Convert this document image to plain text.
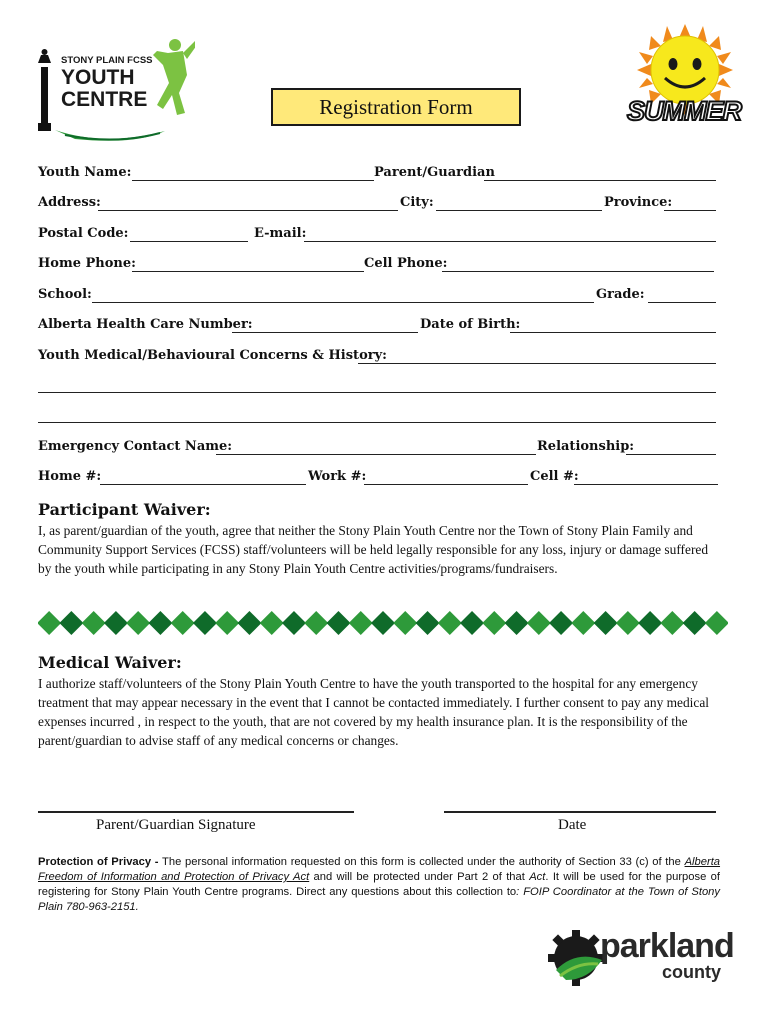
STONY PLAIN FCSS
YOUTH
CENTRE	Registration Form	SUMMER
Youth Name:	Parent/Guardian
Address:	City:	Province:
Postal Code:	E-mail:
Home Phone:	Cell Phone:
School:	Grade:
Alberta Health Care Number:	Date of Birth:
Youth Medical/Behavioural Concerns & History:
Emergency Contact Name:	Relationship:
Home #:	Work #:	Cell #:
Participant Waiver:
I, as parent/guardian of the youth, agree that neither the Stony Plain Youth Centre nor the Town of Stony Plain Family and Community Support Services (FCSS) staff/volunteers will be held legally responsible for any loss, injury or damage suffered by the youth while participating in any Stony Plain Youth Centre activities/programs/fundraisers.
Medical Waiver:
I authorize staff/volunteers of the Stony Plain Youth Centre to have the youth transported to the hospital for any emergency treatment that may appear necessary in the event that I cannot be contacted immediately. I further consent to pay any medical expenses incurred , in respect to the youth, that are not covered by my health insurance plan. It is the responsibility of the parent/guardian to advise staff of any medical concerns or changes.
Parent/Guardian Signature	Date
Protection of Privacy - The personal information requested on this form is collected under the authority of Section 33 (c) of the Alberta Freedom of Information and Protection of Privacy Act and will be protected under Part 2 of that Act. It will be used for the purpose of registering for Stony Plain Youth Centre programs. Direct any questions about this collection to: FOIP Coordinator at the Town of Stony Plain 780-963-2151.
parkland
county
